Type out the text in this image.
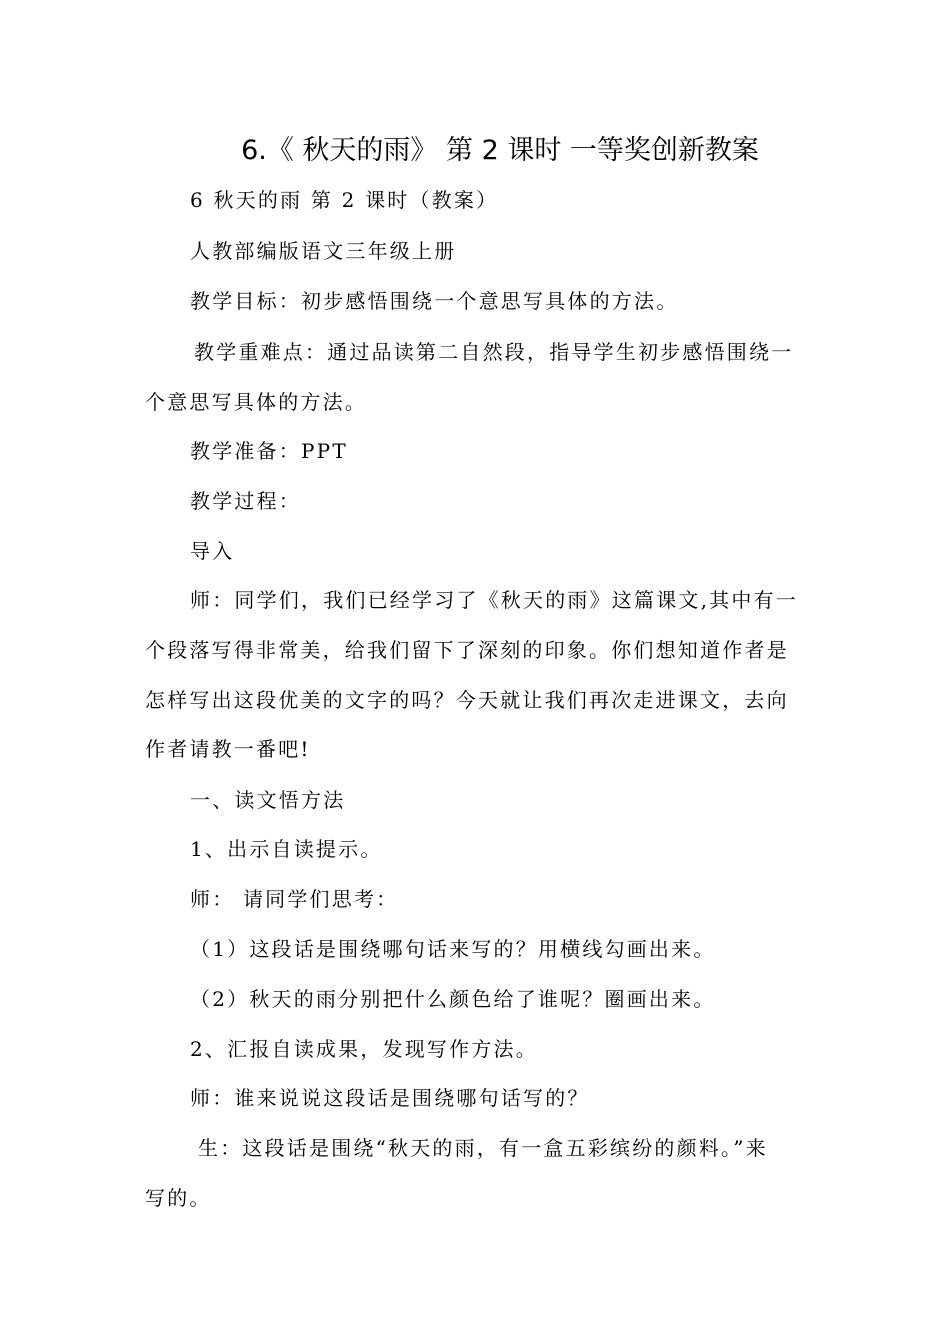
6.《 秋天的雨》 第 2 课时 一等奖创新教案
6 秋天的雨 第 2 课时（教案）
人教部编版语文三年级上册
教学目标：初步感悟围绕一个意思写具体的方法。
教学重难点：通过品读第二自然段，指导学生初步感悟围绕一
个意思写具体的方法。
教学准备：PPT
教学过程：
导入
师：同学们，我们已经学习了《秋天的雨》这篇课文,其中有一
个段落写得非常美，给我们留下了深刻的印象。你们想知道作者是
怎样写出这段优美的文字的吗？今天就让我们再次走进课文，去向
作者请教一番吧!
一、读文悟方法
1、出示自读提示。
师： 请同学们思考：
（1）这段话是围绕哪句话来写的？用横线勾画出来。
（2）秋天的雨分别把什么颜色给了谁呢？圈画出来。
2、汇报自读成果，发现写作方法。
师：谁来说说这段话是围绕哪句话写的？
生：这段话是围绕“秋天的雨，有一盒五彩缤纷的颜料。”来
写的。
